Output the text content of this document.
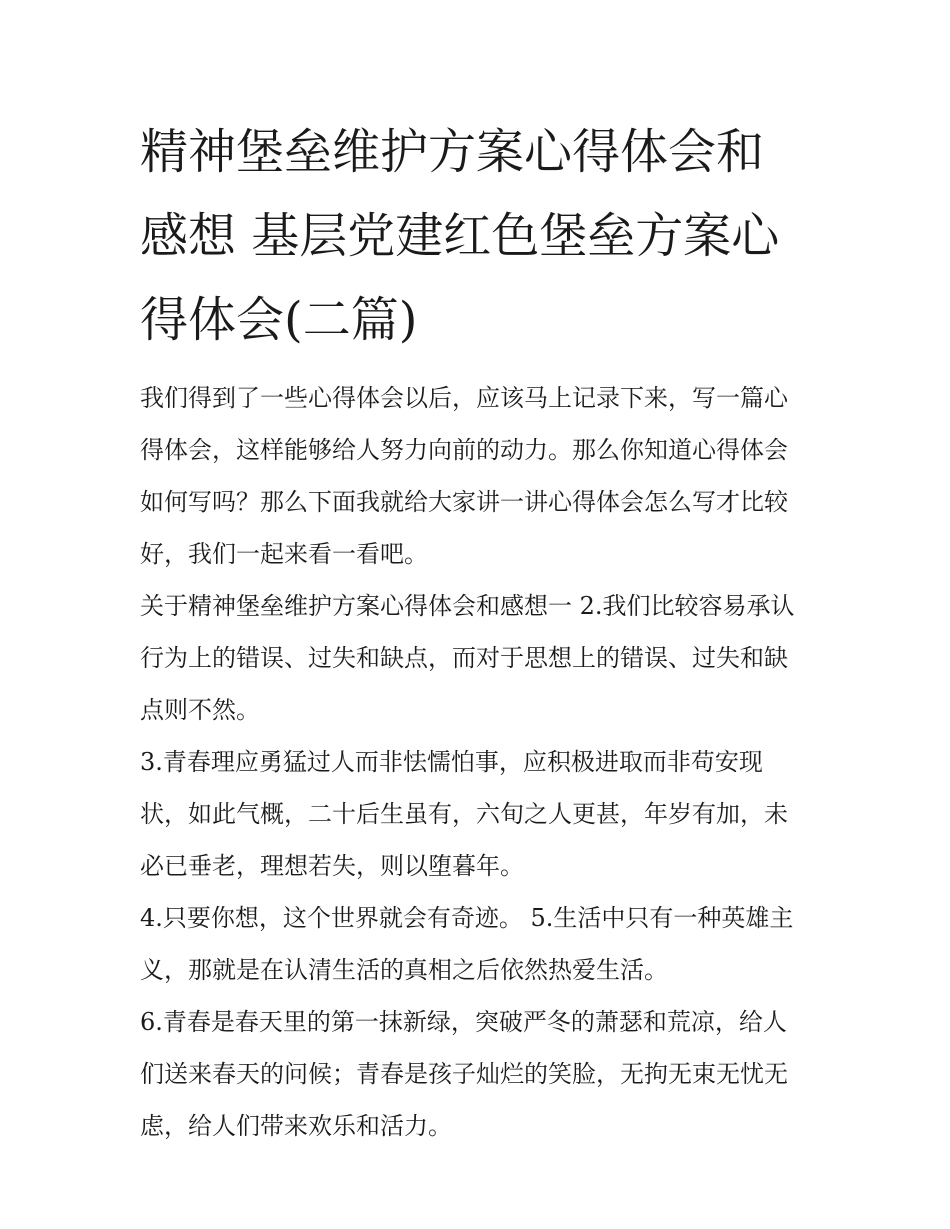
精神堡垒维护方案心得体会和
感想 基层党建红色堡垒方案心
得体会(二篇)
我们得到了一些心得体会以后，应该马上记录下来，写一篇心
得体会，这样能够给人努力向前的动力。那么你知道心得体会
如何写吗？那么下面我就给大家讲一讲心得体会怎么写才比较
好，我们一起来看一看吧。
关于精神堡垒维护方案心得体会和感想一 2.我们比较容易承认
行为上的错误、过失和缺点，而对于思想上的错误、过失和缺
点则不然。
3.青春理应勇猛过人而非怯懦怕事，应积极进取而非苟安现
状，如此气概，二十后生虽有，六旬之人更甚，年岁有加，未
必已垂老，理想若失，则以堕暮年。
4.只要你想，这个世界就会有奇迹。 5.生活中只有一种英雄主
义，那就是在认清生活的真相之后依然热爱生活。
6.青春是春天里的第一抹新绿，突破严冬的萧瑟和荒凉，给人
们送来春天的问候；青春是孩子灿烂的笑脸，无拘无束无忧无
虑，给人们带来欢乐和活力。
